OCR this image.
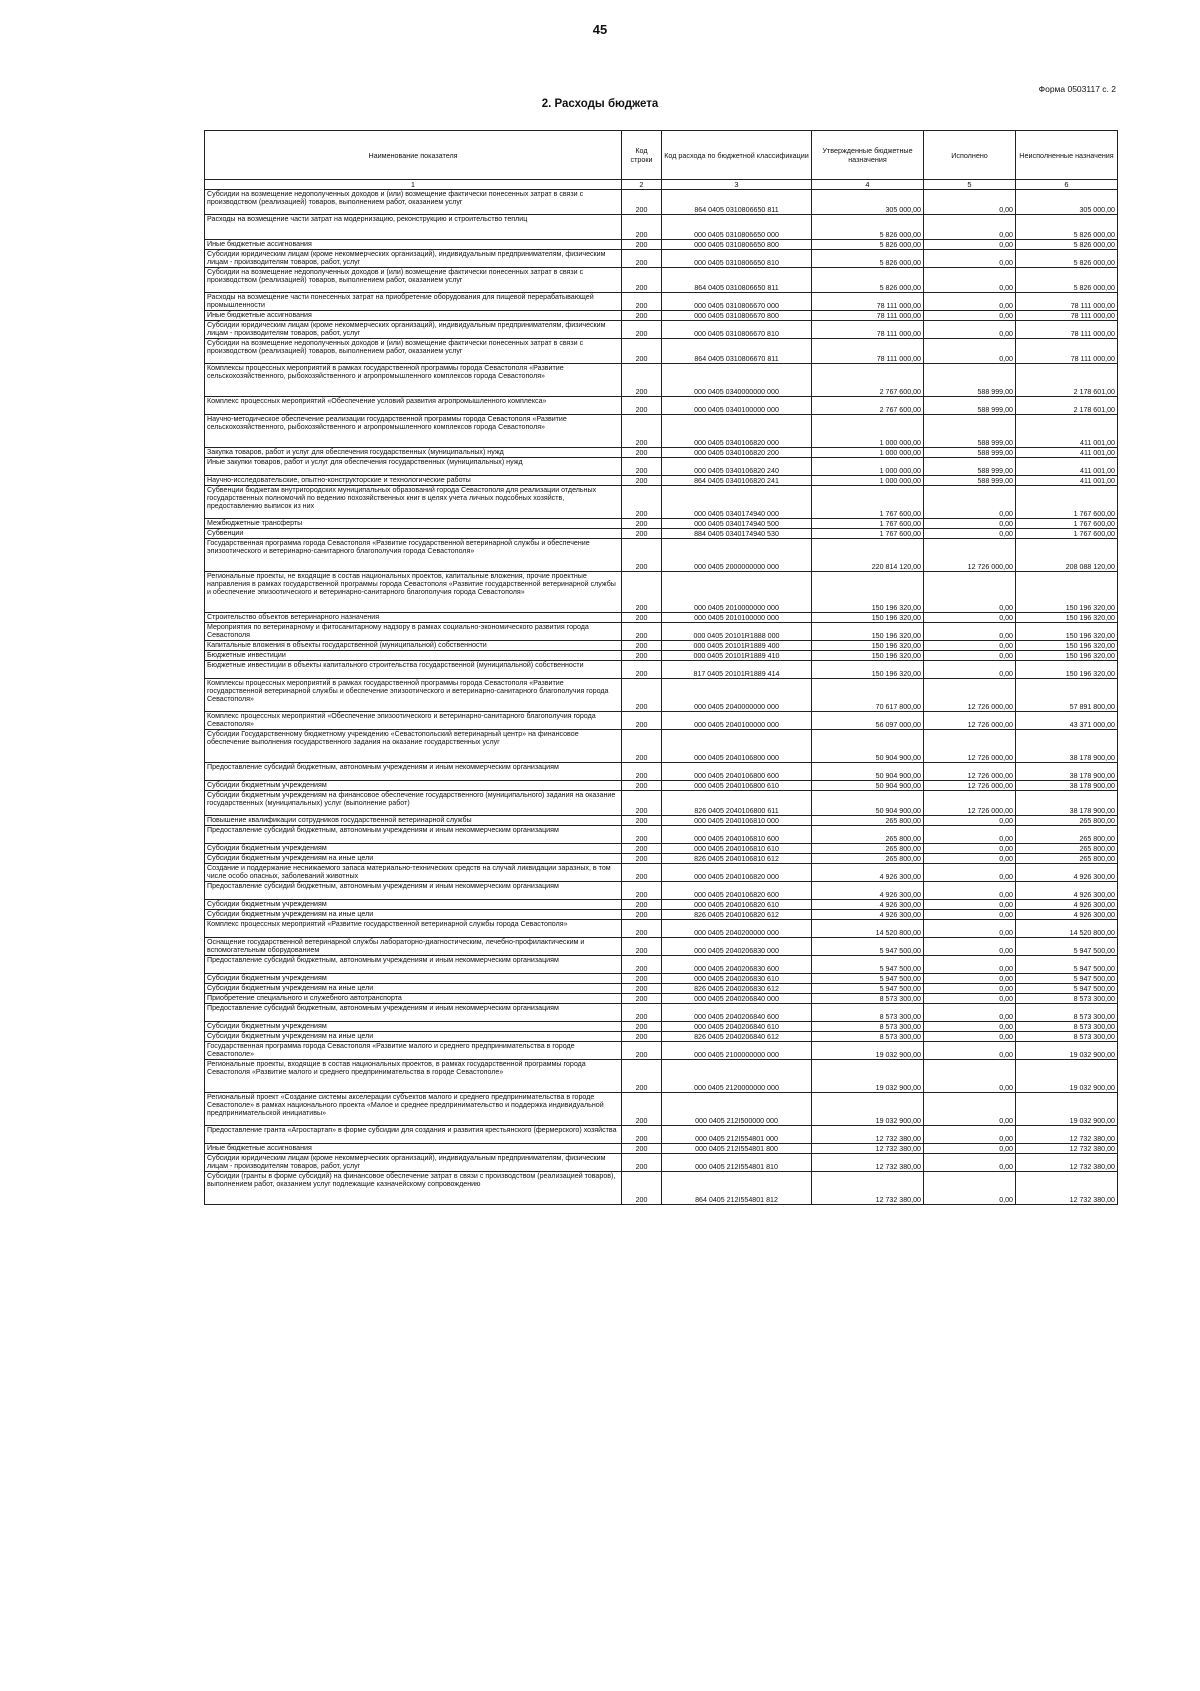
45
Форма 0503117 с. 2
2. Расходы бюджета
Наименование показателя	Код строки	Код расхода по бюджетной классификации	Утвержденные бюджетные назначения	Исполнено	Неисполненные назначения
1	2	3	4	5	6
Субсидии на возмещение недополученных доходов и (или) возмещение фактически понесенных затрат в связи с производством (реализацией) товаров, выполнением работ, оказанием услуг	200	864 0405 0310806650 811	305 000,00	0,00	305 000,00
Расходы на возмещение части затрат на модернизацию, реконструкцию и строительство теплиц	200	000 0405 0310806650 000	5 826 000,00	0,00	5 826 000,00
Иные бюджетные ассигнования	200	000 0405 0310806650 800	5 826 000,00	0,00	5 826 000,00
Субсидии юридическим лицам (кроме некоммерческих организаций), индивидуальным предпринимателям, физическим лицам - производителям товаров, работ, услуг	200	000 0405 0310806650 810	5 826 000,00	0,00	5 826 000,00
Субсидии на возмещение недополученных доходов и (или) возмещение фактически понесенных затрат в связи с производством (реализацией) товаров, выполнением работ, оказанием услуг	200	864 0405 0310806650 811	5 826 000,00	0,00	5 826 000,00
Расходы на возмещение части понесенных затрат на приобретение оборудования для пищевой перерабатывающей промышленности	200	000 0405 0310806670 000	78 111 000,00	0,00	78 111 000,00
Иные бюджетные ассигнования	200	000 0405 0310806670 800	78 111 000,00	0,00	78 111 000,00
Субсидии юридическим лицам (кроме некоммерческих организаций), индивидуальным предпринимателям, физическим лицам - производителям товаров, работ, услуг	200	000 0405 0310806670 810	78 111 000,00	0,00	78 111 000,00
Субсидии на возмещение недополученных доходов и (или) возмещение фактически понесенных затрат в связи с производством (реализацией) товаров, выполнением работ, оказанием услуг	200	864 0405 0310806670 811	78 111 000,00	0,00	78 111 000,00
Комплексы процессных мероприятий в рамках государственной программы города Севастополя «Развитие сельскохозяйственного, рыбохозяйственного и агропромышленного комплексов города Севастополя»	200	000 0405 0340000000 000	2 767 600,00	588 999,00	2 178 601,00
Комплекс процессных мероприятий «Обеспечение условий развития агропромышленного комплекса»	200	000 0405 0340100000 000	2 767 600,00	588 999,00	2 178 601,00
Научно-методическое обеспечение реализации государственной программы города Севастополя «Развитие сельскохозяйственного, рыбохозяйственного и агропромышленного комплексов города Севастополя»	200	000 0405 0340106820 000	1 000 000,00	588 999,00	411 001,00
Закупка товаров, работ и услуг для обеспечения государственных (муниципальных) нужд	200	000 0405 0340106820 200	1 000 000,00	588 999,00	411 001,00
Иные закупки товаров, работ и услуг для обеспечения государственных (муниципальных) нужд	200	000 0405 0340106820 240	1 000 000,00	588 999,00	411 001,00
Научно-исследовательские, опытно-конструкторские и технологические работы	200	864 0405 0340106820 241	1 000 000,00	588 999,00	411 001,00
Субвенции бюджетам внутригородских муниципальных образований города Севастополя для реализации отдельных государственных полномочий по ведению похозяйственных книг в целях учета личных подсобных хозяйств, предоставлению выписок из них	200	000 0405 0340174940 000	1 767 600,00	0,00	1 767 600,00
Межбюджетные трансферты	200	000 0405 0340174940 500	1 767 600,00	0,00	1 767 600,00
Субвенции	200	884 0405 0340174940 530	1 767 600,00	0,00	1 767 600,00
Государственная программа города Севастополя «Развитие государственной ветеринарной службы и обеспечение эпизоотического и ветеринарно-санитарного благополучия города Севастополя»	200	000 0405 2000000000 000	220 814 120,00	12 726 000,00	208 088 120,00
Региональные проекты, не входящие в состав национальных проектов, капитальные вложения, прочие проектные направления в рамках государственной программы города Севастополя «Развитие государственной ветеринарной службы и обеспечение эпизоотического и ветеринарно-санитарного благополучия города Севастополя»	200	000 0405 2010000000 000	150 196 320,00	0,00	150 196 320,00
Строительство объектов ветеринарного назначения	200	000 0405 2010100000 000	150 196 320,00	0,00	150 196 320,00
Мероприятия по ветеринарному и фитосанитарному надзору в рамках социально-экономического развития города Севастополя	200	000 0405 20101R1888 000	150 196 320,00	0,00	150 196 320,00
Капитальные вложения в объекты государственной (муниципальной) собственности	200	000 0405 20101R1889 400	150 196 320,00	0,00	150 196 320,00
Бюджетные инвестиции	200	000 0405 20101R1889 410	150 196 320,00	0,00	150 196 320,00
Бюджетные инвестиции в объекты капитального строительства государственной (муниципальной) собственности	200	817 0405 20101R1889 414	150 196 320,00	0,00	150 196 320,00
Комплексы процессных мероприятий в рамках государственной программы города Севастополя «Развитие государственной ветеринарной службы и обеспечение эпизоотического и ветеринарно-санитарного благополучия города Севастополя»	200	000 0405 2040000000 000	70 617 800,00	12 726 000,00	57 891 800,00
Комплекс процессных мероприятий «Обеспечение эпизоотического и ветеринарно-санитарного благополучия города Севастополя»	200	000 0405 2040100000 000	56 097 000,00	12 726 000,00	43 371 000,00
Субсидии Государственному бюджетному учреждению «Севастопольский ветеринарный центр» на финансовое обеспечение выполнения государственного задания на оказание государственных услуг	200	000 0405 2040106800 000	50 904 900,00	12 726 000,00	38 178 900,00
Предоставление субсидий бюджетным, автономным учреждениям и иным некоммерческим организациям	200	000 0405 2040106800 600	50 904 900,00	12 726 000,00	38 178 900,00
Субсидии бюджетным учреждениям	200	000 0405 2040106800 610	50 904 900,00	12 726 000,00	38 178 900,00
Субсидии бюджетным учреждениям на финансовое обеспечение государственного (муниципального) задания на оказание государственных (муниципальных) услуг (выполнение работ)	200	826 0405 2040106800 611	50 904 900,00	12 726 000,00	38 178 900,00
Повышение квалификации сотрудников государственной ветеринарной службы	200	000 0405 2040106810 000	265 800,00	0,00	265 800,00
Предоставление субсидий бюджетным, автономным учреждениям и иным некоммерческим организациям	200	000 0405 2040106810 600	265 800,00	0,00	265 800,00
Субсидии бюджетным учреждениям	200	000 0405 2040106810 610	265 800,00	0,00	265 800,00
Субсидии бюджетным учреждениям на иные цели	200	826 0405 2040106810 612	265 800,00	0,00	265 800,00
Создание и поддержание неснижаемого запаса материально-технических средств на случай ликвидации заразных, в том числе особо опасных, заболеваний животных	200	000 0405 2040106820 000	4 926 300,00	0,00	4 926 300,00
Предоставление субсидий бюджетным, автономным учреждениям и иным некоммерческим организациям	200	000 0405 2040106820 600	4 926 300,00	0,00	4 926 300,00
Субсидии бюджетным учреждениям	200	000 0405 2040106820 610	4 926 300,00	0,00	4 926 300,00
Субсидии бюджетным учреждениям на иные цели	200	826 0405 2040106820 612	4 926 300,00	0,00	4 926 300,00
Комплекс процессных мероприятий «Развитие государственной ветеринарной службы города Севастополя»	200	000 0405 2040200000 000	14 520 800,00	0,00	14 520 800,00
Оснащение государственной ветеринарной службы лабораторно-диагностическим, лечебно-профилактическим и вспомогательным оборудованием	200	000 0405 2040206830 000	5 947 500,00	0,00	5 947 500,00
Предоставление субсидий бюджетным, автономным учреждениям и иным некоммерческим организациям	200	000 0405 2040206830 600	5 947 500,00	0,00	5 947 500,00
Субсидии бюджетным учреждениям	200	000 0405 2040206830 610	5 947 500,00	0,00	5 947 500,00
Субсидии бюджетным учреждениям на иные цели	200	826 0405 2040206830 612	5 947 500,00	0,00	5 947 500,00
Приобретение специального и служебного автотранспорта	200	000 0405 2040206840 000	8 573 300,00	0,00	8 573 300,00
Предоставление субсидий бюджетным, автономным учреждениям и иным некоммерческим организациям	200	000 0405 2040206840 600	8 573 300,00	0,00	8 573 300,00
Субсидии бюджетным учреждениям	200	000 0405 2040206840 610	8 573 300,00	0,00	8 573 300,00
Субсидии бюджетным учреждениям на иные цели	200	826 0405 2040206840 612	8 573 300,00	0,00	8 573 300,00
Государственная программа города Севастополя «Развитие малого и среднего предпринимательства в городе Севастополе»	200	000 0405 2100000000 000	19 032 900,00	0,00	19 032 900,00
Региональные проекты, входящие в состав национальных проектов, в рамках государственной программы города Севастополя «Развитие малого и среднего предпринимательства в городе Севастополе»	200	000 0405 2120000000 000	19 032 900,00	0,00	19 032 900,00
Региональный проект «Создание системы акселерации субъектов малого и среднего предпринимательства в городе Севастополе» в рамках национального проекта «Малое и среднее предпринимательство и поддержка индивидуальной предпринимательской инициативы»	200	000 0405 212I500000 000	19 032 900,00	0,00	19 032 900,00
Предоставление гранта «Агростартап» в форме субсидии для создания и развития крестьянского (фермерского) хозяйства	200	000 0405 212I554801 000	12 732 380,00	0,00	12 732 380,00
Иные бюджетные ассигнования	200	000 0405 212I554801 800	12 732 380,00	0,00	12 732 380,00
Субсидии юридическим лицам (кроме некоммерческих организаций), индивидуальным предпринимателям, физическим лицам - производителям товаров, работ, услуг	200	000 0405 212I554801 810	12 732 380,00	0,00	12 732 380,00
Субсидии (гранты в форме субсидий) на финансовое обеспечение затрат в связи с производством (реализацией товаров), выполнением работ, оказанием услуг подлежащие казначейскому сопровождению	200	864 0405 212I554801 812	12 732 380,00	0,00	12 732 380,00
